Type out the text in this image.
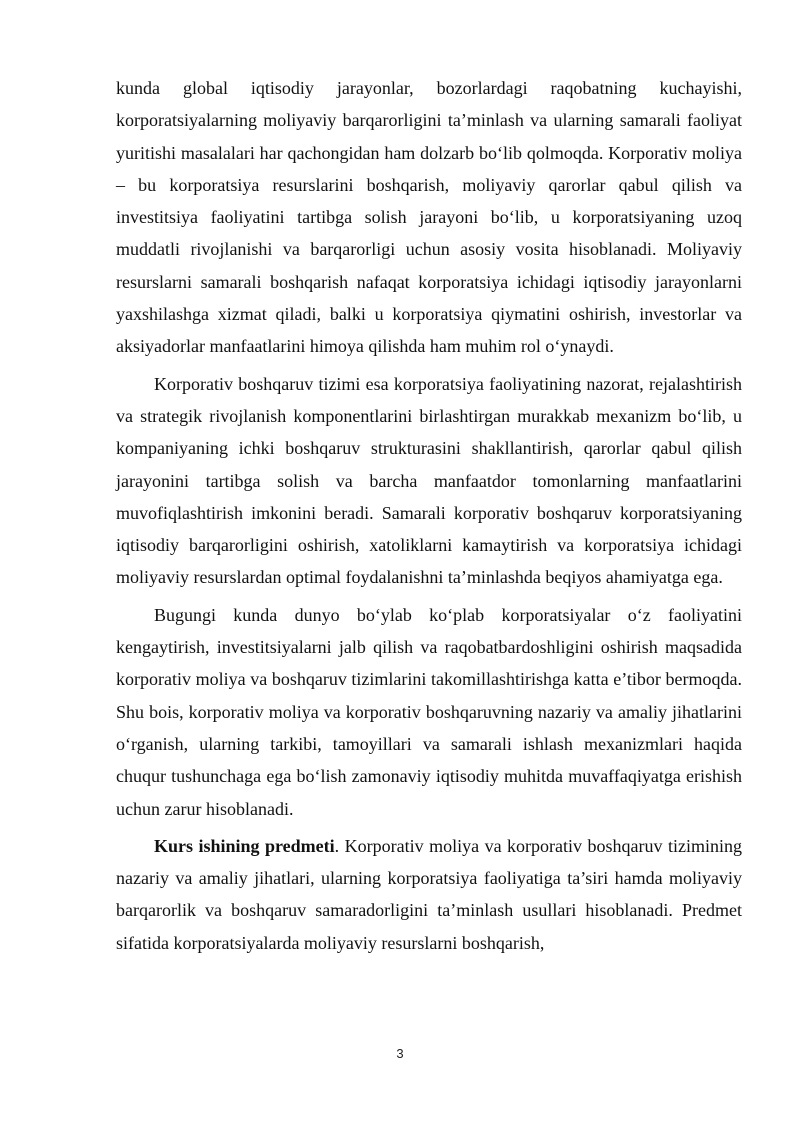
kunda global iqtisodiy jarayonlar, bozorlardagi raqobatning kuchayishi, korporatsiyalarning moliyaviy barqarorligini ta’minlash va ularning samarali faoliyat yuritishi masalalari har qachongidan ham dolzarb bo‘lib qolmoqda. Korporativ moliya – bu korporatsiya resurslarini boshqarish, moliyaviy qarorlar qabul qilish va investitsiya faoliyatini tartibga solish jarayoni bo‘lib, u korporatsiyaning uzoq muddatli rivojlanishi va barqarorligi uchun asosiy vosita hisoblanadi. Moliyaviy resurslarni samarali boshqarish nafaqat korporatsiya ichidagi iqtisodiy jarayonlarni yaxshilashga xizmat qiladi, balki u korporatsiya qiymatini oshirish, investorlar va aksiyadorlar manfaatlarini himoya qilishda ham muhim rol o‘ynaydi.

Korporativ boshqaruv tizimi esa korporatsiya faoliyatining nazorat, rejalashtirish va strategik rivojlanish komponentlarini birlashtirgan murakkab mexanizm bo‘lib, u kompaniyaning ichki boshqaruv strukturasini shakllantirish, qarorlar qabul qilish jarayonini tartibga solish va barcha manfaatdor tomonlarning manfaatlarini muvofiqlashtirish imkonini beradi. Samarali korporativ boshqaruv korporatsiyaning iqtisodiy barqarorligini oshirish, xatoliklarni kamaytirish va korporatsiya ichidagi moliyaviy resurslardan optimal foydalanishni ta’minlashda beqiyos ahamiyatga ega.

Bugungi kunda dunyo bo‘ylab ko‘plab korporatsiyalar o‘z faoliyatini kengaytirish, investitsiyalarni jalb qilish va raqobatbardoshligini oshirish maqsadida korporativ moliya va boshqaruv tizimlarini takomillashtirishga katta e’tibor bermoqda. Shu bois, korporativ moliya va korporativ boshqaruvning nazariy va amaliy jihatlarini o‘rganish, ularning tarkibi, tamoyillari va samarali ishlash mexanizmlari haqida chuqur tushunchaga ega bo‘lish zamonaviy iqtisodiy muhitda muvaffaqiyatga erishish uchun zarur hisoblanadi.

Kurs ishining predmeti. Korporativ moliya va korporativ boshqaruv tizimining nazariy va amaliy jihatlari, ularning korporatsiya faoliyatiga ta’siri hamda moliyaviy barqarorlik va boshqaruv samaradorligini ta’minlash usullari hisoblanadi. Predmet sifatida korporatsiyalarda moliyaviy resurslarni boshqarish,

3
